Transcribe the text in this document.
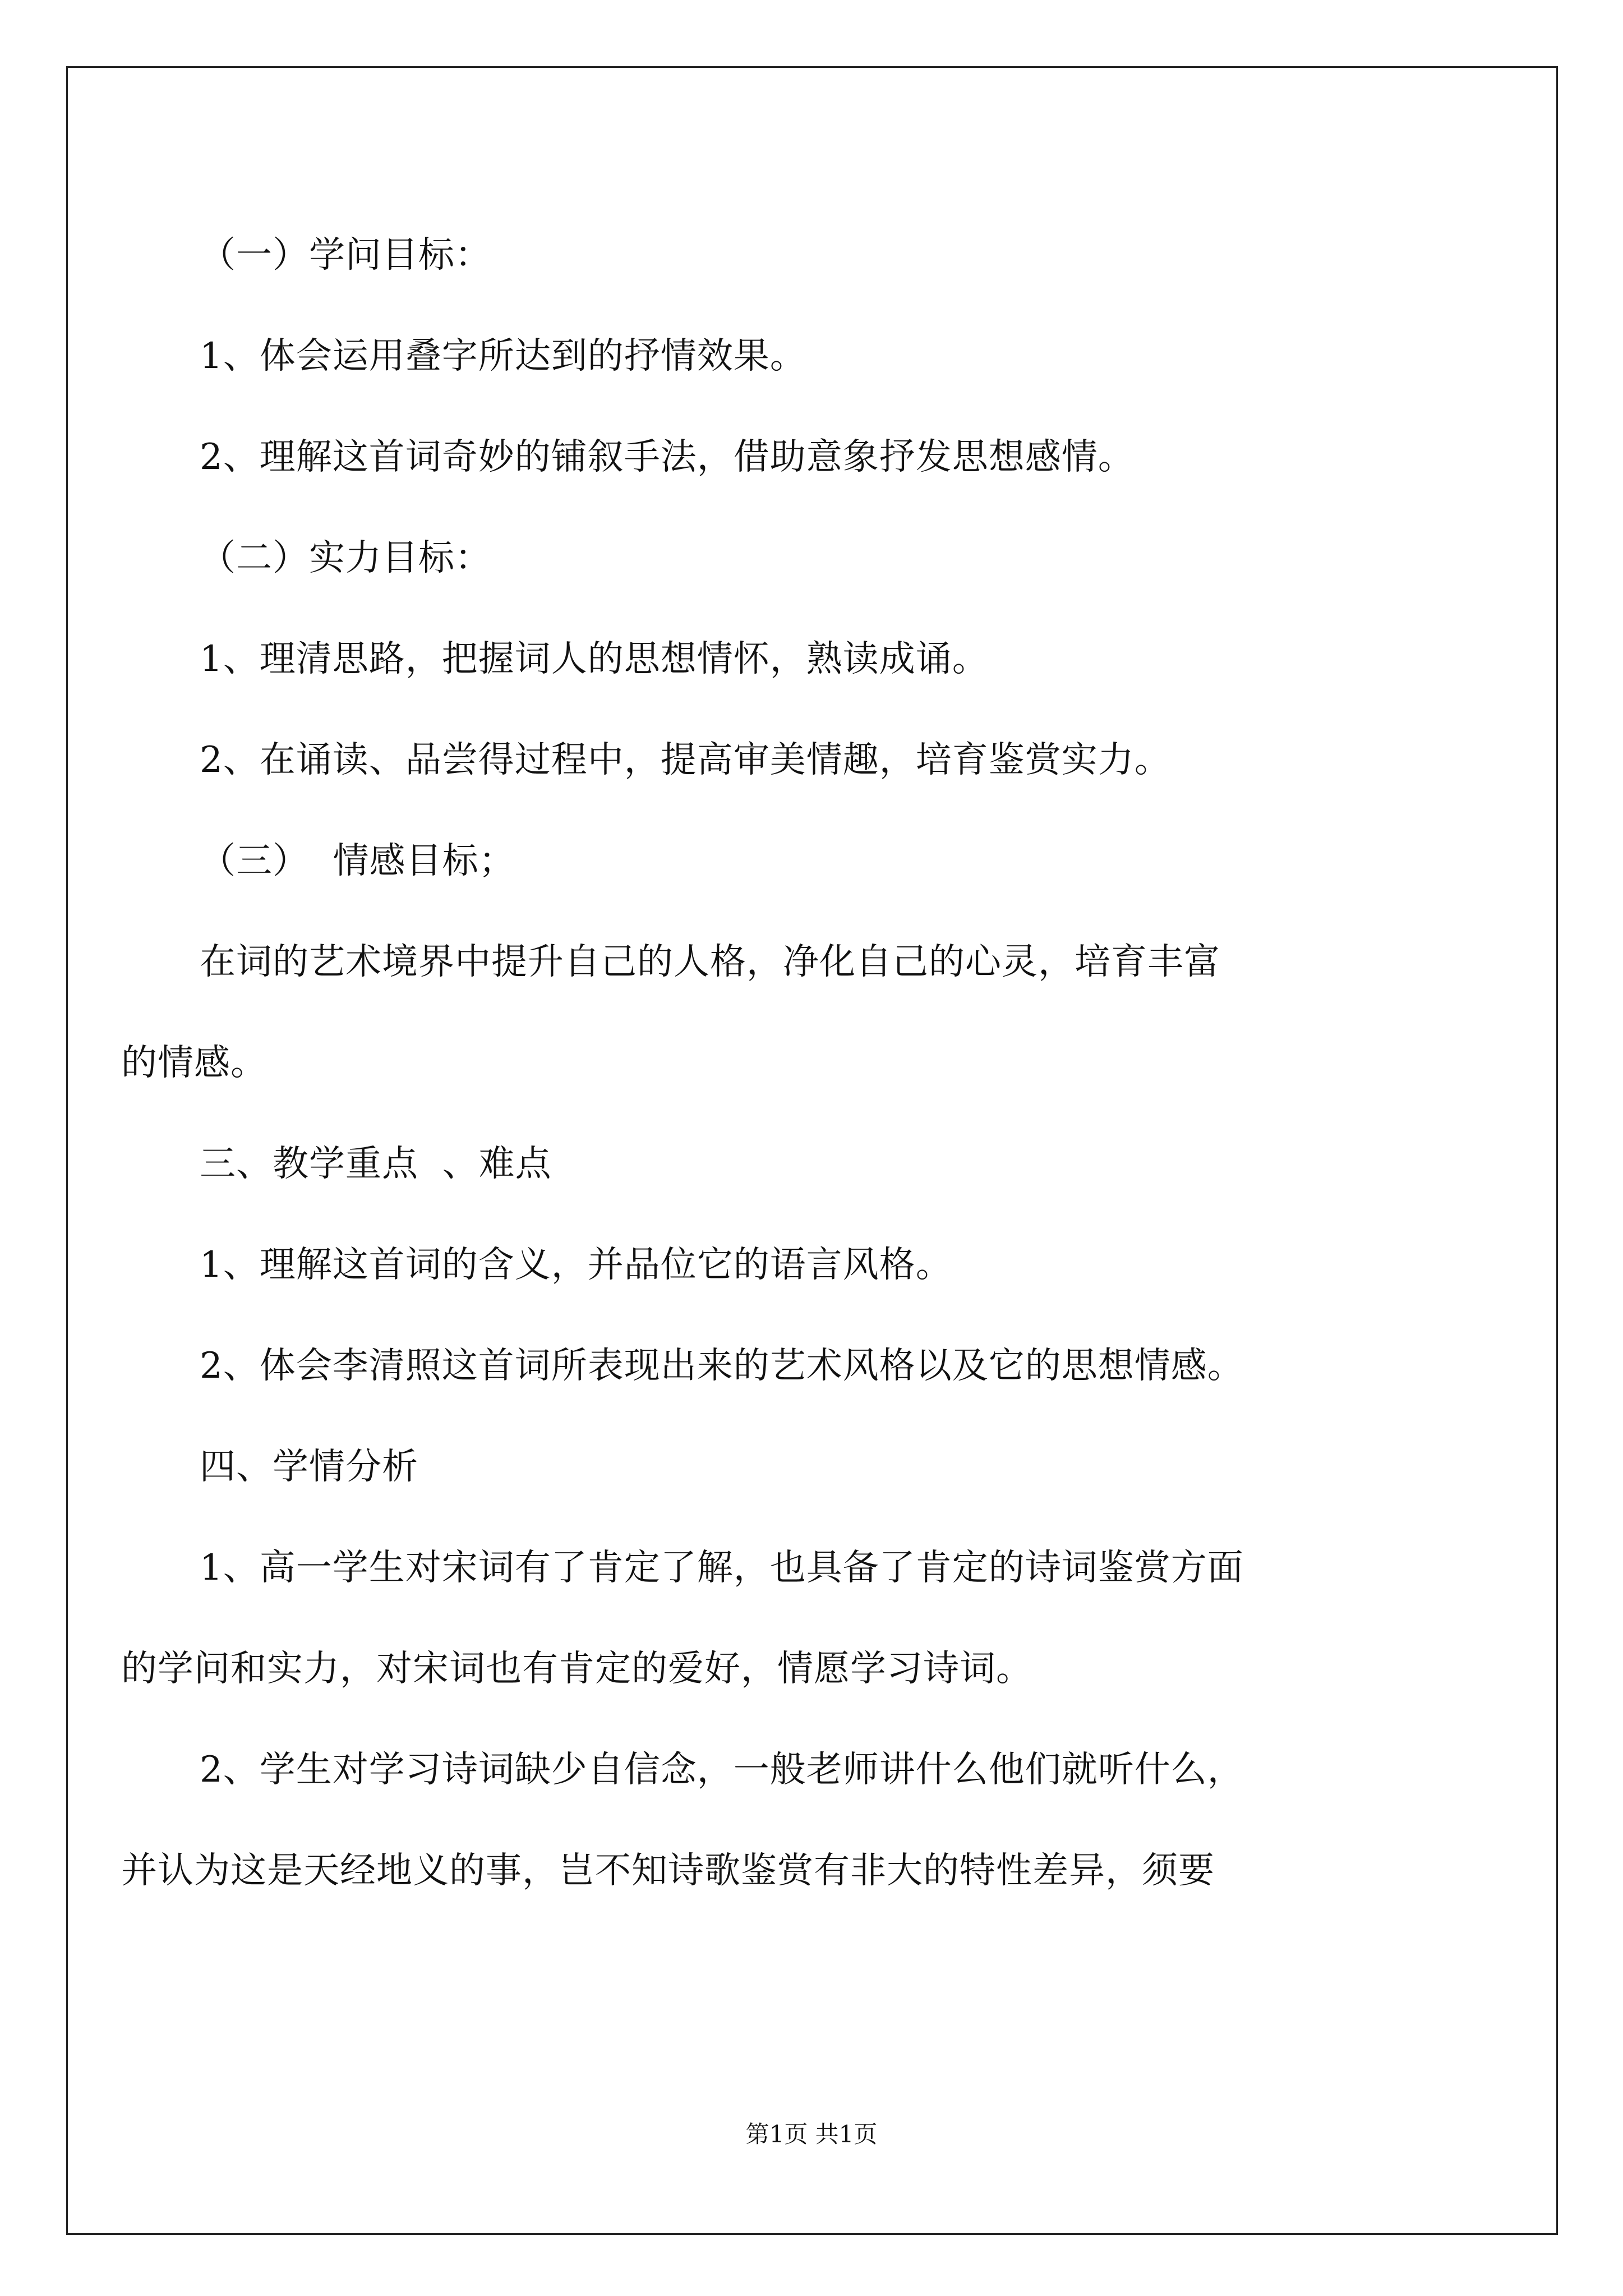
（一）学问目标：

1、体会运用叠字所达到的抒情效果。

2、理解这首词奇妙的铺叙手法，借助意象抒发思想感情。

（二）实力目标：

1、理清思路，把握词人的思想情怀，熟读成诵。

2、在诵读、品尝得过程中，提高审美情趣，培育鉴赏实力。

（三）  情感目标；

在词的艺术境界中提升自己的人格，净化自己的心灵，培育丰富

的情感。

三、教学重点  、难点

1、理解这首词的含义，并品位它的语言风格。

2、体会李清照这首词所表现出来的艺术风格以及它的思想情感。

四、学情分析

1、高一学生对宋词有了肯定了解，也具备了肯定的诗词鉴赏方面

的学问和实力，对宋词也有肯定的爱好，情愿学习诗词。

2、学生对学习诗词缺少自信念，一般老师讲什么他们就听什么，

并认为这是天经地义的事，岂不知诗歌鉴赏有非大的特性差异，须要

第1页 共1页
